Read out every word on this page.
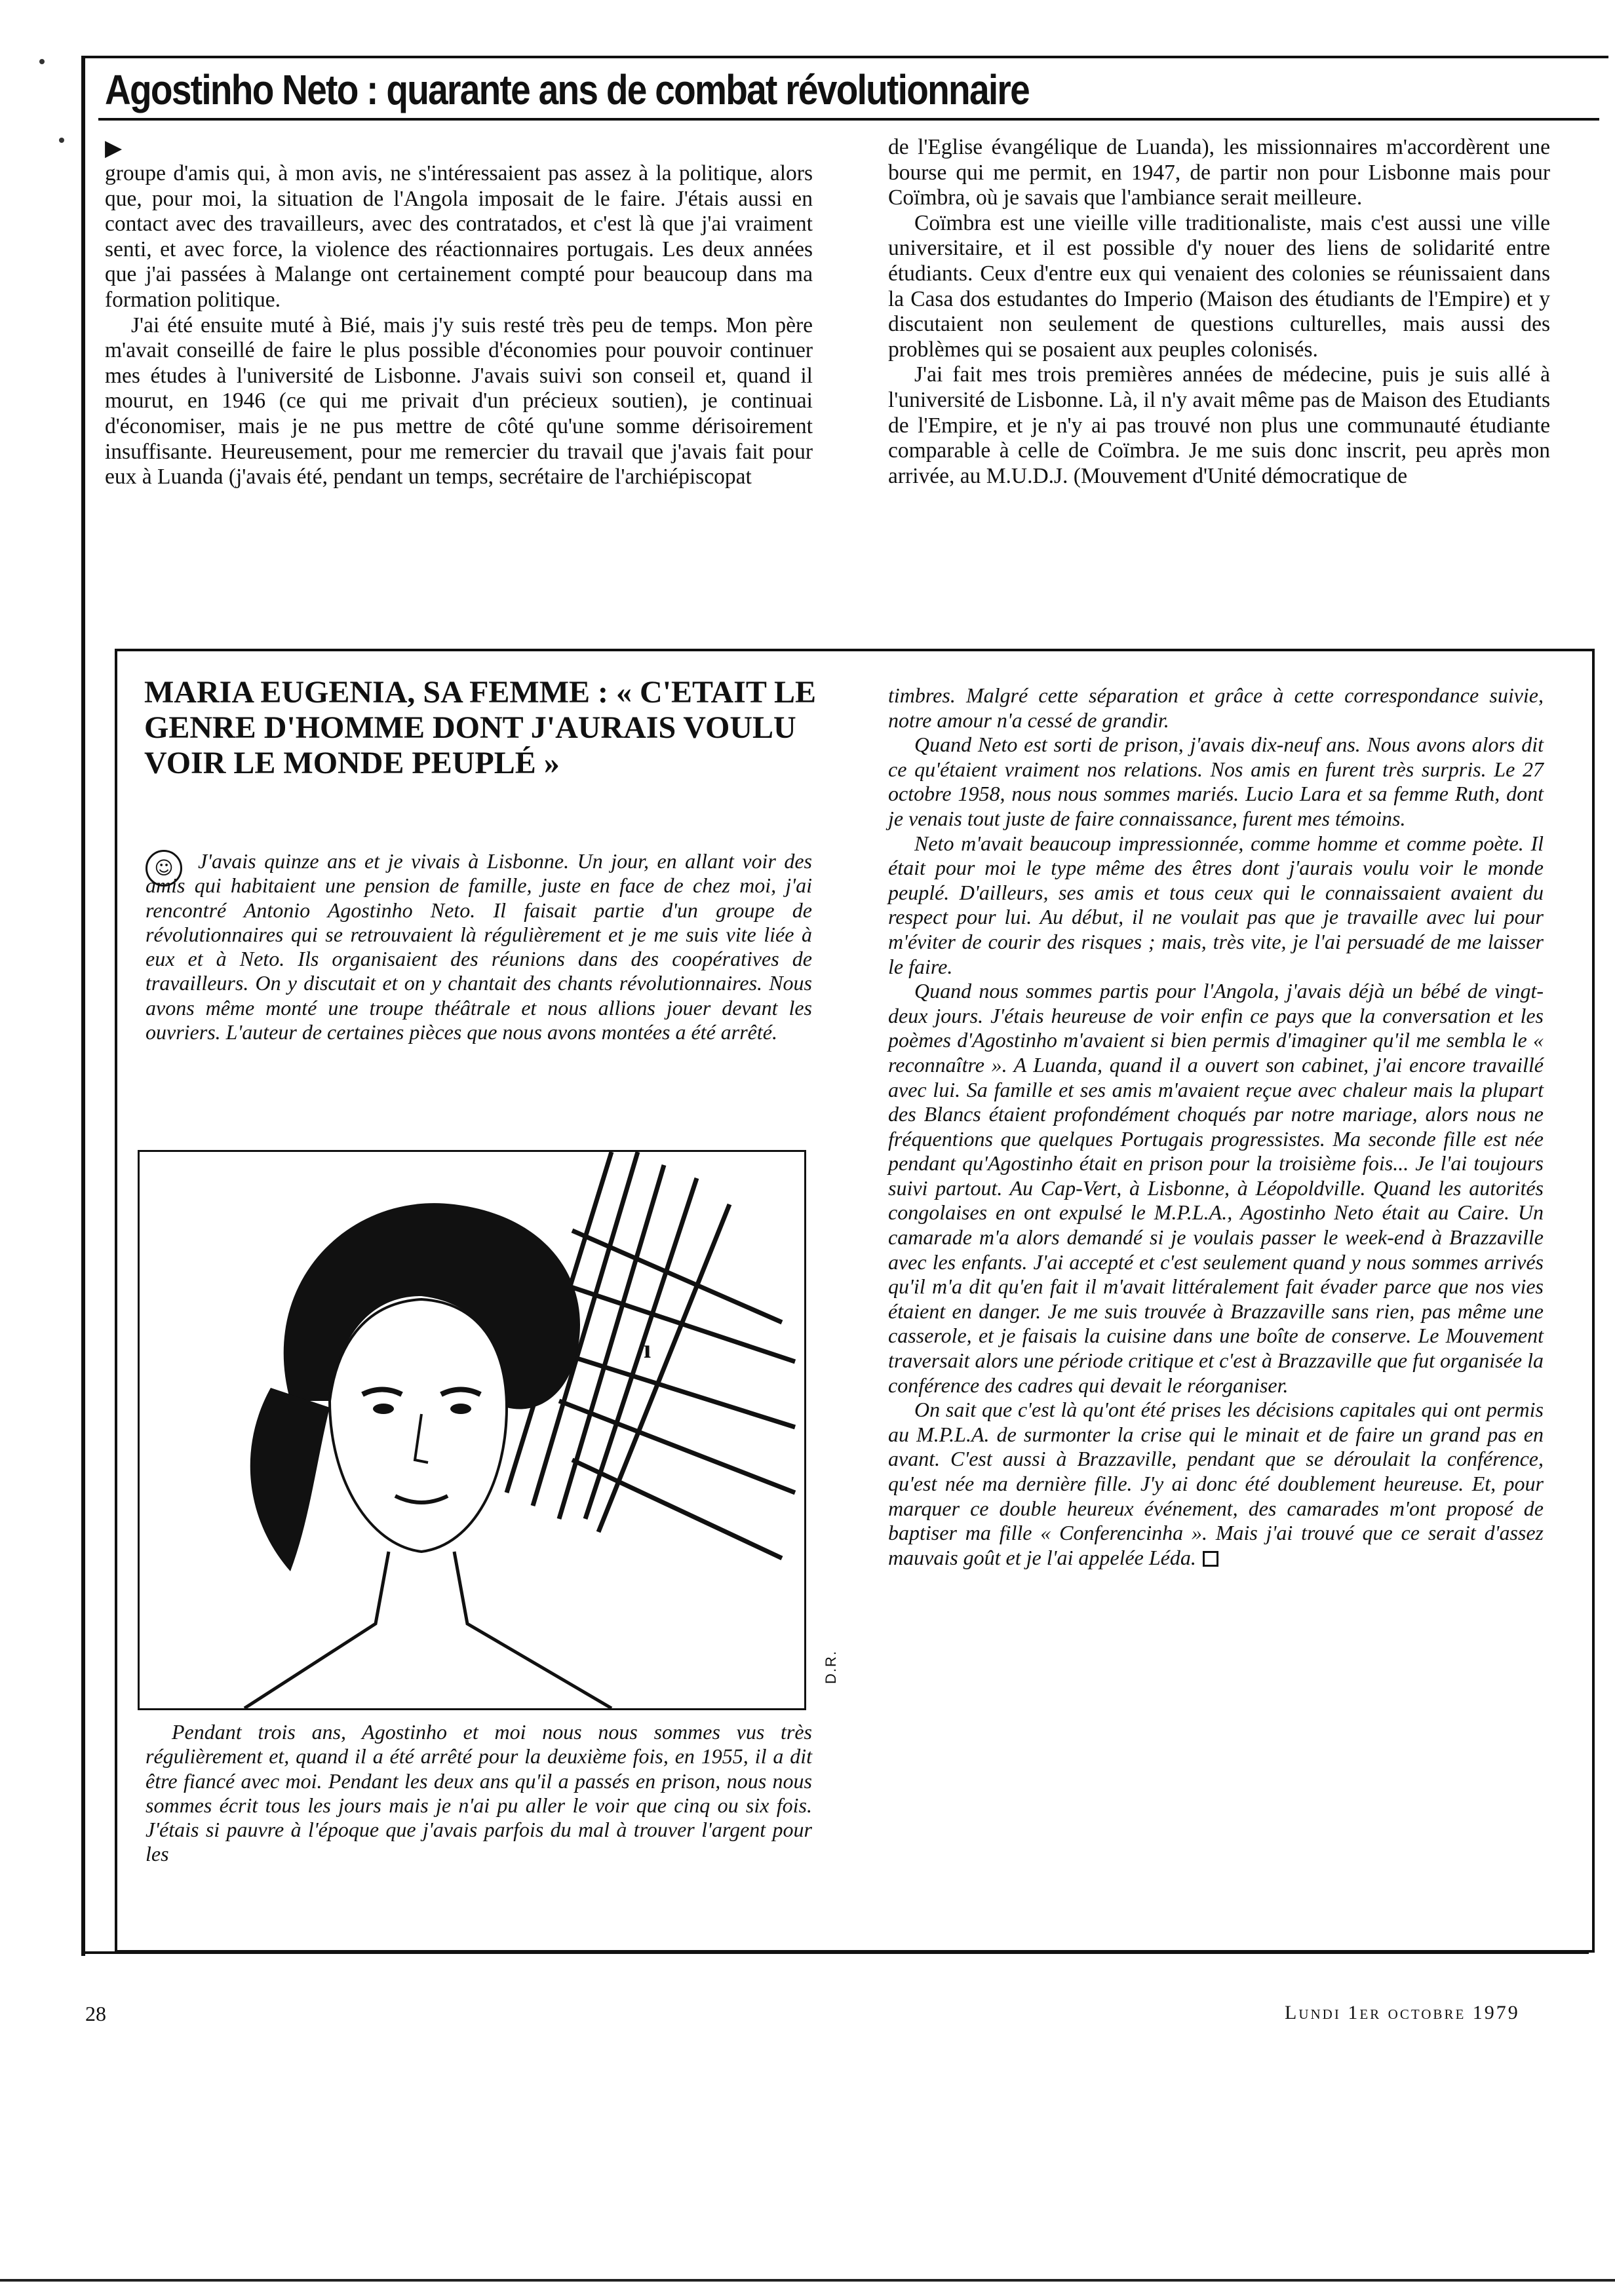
Agostinho Neto : quarante ans de combat révolutionnaire
▶

groupe d'amis qui, à mon avis, ne s'intéressaient pas assez à la politique, alors que, pour moi, la situation de l'Angola imposait de le faire. J'étais aussi en contact avec des travailleurs, avec des contratados, et c'est là que j'ai vraiment senti, et avec force, la violence des réactionnaires portugais. Les deux années que j'ai passées à Malange ont certainement compté pour beaucoup dans ma formation politique.

J'ai été ensuite muté à Bié, mais j'y suis resté très peu de temps. Mon père m'avait conseillé de faire le plus possible d'économies pour pouvoir continuer mes études à l'université de Lisbonne. J'avais suivi son conseil et, quand il mourut, en 1946 (ce qui me privait d'un précieux soutien), je continuai d'économiser, mais je ne pus mettre de côté qu'une somme dérisoirement insuffisante. Heureusement, pour me remercier du travail que j'avais fait pour eux à Luanda (j'avais été, pendant un temps, secrétaire de l'archiépiscopat

de l'Eglise évangélique de Luanda), les missionnaires m'accordèrent une bourse qui me permit, en 1947, de partir non pour Lisbonne mais pour Coïmbra, où je savais que l'ambiance serait meilleure.

Coïmbra est une vieille ville traditionaliste, mais c'est aussi une ville universitaire, et il est possible d'y nouer des liens de solidarité entre étudiants. Ceux d'entre eux qui venaient des colonies se réunissaient dans la Casa dos estudantes do Imperio (Maison des étudiants de l'Empire) et y discutaient non seulement de questions culturelles, mais aussi des problèmes qui se posaient aux peuples colonisés.

J'ai fait mes trois premières années de médecine, puis je suis allé à l'université de Lisbonne. Là, il n'y avait même pas de Maison des Etudiants de l'Empire, et je n'y ai pas trouvé non plus une communauté étudiante comparable à celle de Coïmbra. Je me suis donc inscrit, peu après mon arrivée, au M.U.D.J. (Mouvement d'Unité démocratique de

MARIA EUGENIA, SA FEMME : « C'ETAIT LE GENRE D'HOMME DONT J'AURAIS VOULU VOIR LE MONDE PEUPLÉ »
☺	J'avais quinze ans et je vivais à Lisbonne. Un jour, en allant voir des amis qui habitaient une pension de famille, juste en face de chez moi, j'ai rencontré Antonio Agostinho Neto. Il faisait partie d'un groupe de révolutionnaires qui se retrouvaient là régulièrement et je me suis vite liée à eux et à Neto. Ils organisaient des réunions dans des coopératives de travailleurs. On y discutait et on y chantait des chants révolutionnaires. Nous avons même monté une troupe théâtrale et nous allions jouer devant les ouvriers. L'auteur de certaines pièces que nous avons montées a été arrêté.

D.R.
ı

Pendant trois ans, Agostinho et moi nous nous sommes vus très régulièrement et, quand il a été arrêté pour la deuxième fois, en 1955, il a dit être fiancé avec moi. Pendant les deux ans qu'il a passés en prison, nous nous sommes écrit tous les jours mais je n'ai pu aller le voir que cinq ou six fois. J'étais si pauvre à l'époque que j'avais parfois du mal à trouver l'argent pour les

timbres. Malgré cette séparation et grâce à cette correspondance suivie, notre amour n'a cessé de grandir.

Quand Neto est sorti de prison, j'avais dix-neuf ans. Nous avons alors dit ce qu'étaient vraiment nos relations. Nos amis en furent très surpris. Le 27 octobre 1958, nous nous sommes mariés. Lucio Lara et sa femme Ruth, dont je venais tout juste de faire connaissance, furent mes témoins.

Neto m'avait beaucoup impressionnée, comme homme et comme poète. Il était pour moi le type même des êtres dont j'aurais voulu voir le monde peuplé. D'ailleurs, ses amis et tous ceux qui le connaissaient avaient du respect pour lui. Au début, il ne voulait pas que je travaille avec lui pour m'éviter de courir des risques ; mais, très vite, je l'ai persuadé de me laisser le faire.

Quand nous sommes partis pour l'Angola, j'avais déjà un bébé de vingt-deux jours. J'étais heureuse de voir enfin ce pays que la conversation et les poèmes d'Agostinho m'avaient si bien permis d'imaginer qu'il me sembla le « reconnaître ». A Luanda, quand il a ouvert son cabinet, j'ai encore travaillé avec lui. Sa famille et ses amis m'avaient reçue avec chaleur mais la plupart des Blancs étaient profondément choqués par notre mariage, alors nous ne fréquentions que quelques Portugais progressistes. Ma seconde fille est née pendant qu'Agostinho était en prison pour la troisième fois... Je l'ai toujours suivi partout. Au Cap-Vert, à Lisbonne, à Léopoldville. Quand les autorités congolaises en ont expulsé le M.P.L.A., Agostinho Neto était au Caire. Un camarade m'a alors demandé si je voulais passer le week-end à Brazzaville avec les enfants. J'ai accepté et c'est seulement quand y nous sommes arrivés qu'il m'a dit qu'en fait il m'avait littéralement fait évader parce que nos vies étaient en danger. Je me suis trouvée à Brazzaville sans rien, pas même une casserole, et je faisais la cuisine dans une boîte de conserve. Le Mouvement traversait alors une période critique et c'est à Brazzaville que fut organisée la conférence des cadres qui devait le réorganiser.

On sait que c'est là qu'ont été prises les décisions capitales qui ont permis au M.P.L.A. de surmonter la crise qui le minait et de faire un grand pas en avant. C'est aussi à Brazzaville, pendant que se déroulait la conférence, qu'est née ma dernière fille. J'y ai donc été doublement heureuse. Et, pour marquer ce double heureux événement, des camarades m'ont proposé de baptiser ma fille « Conferencinha ». Mais j'ai trouvé que ce serait d'assez mauvais goût et je l'ai appelée Léda.

28	Lundi 1er octobre 1979
